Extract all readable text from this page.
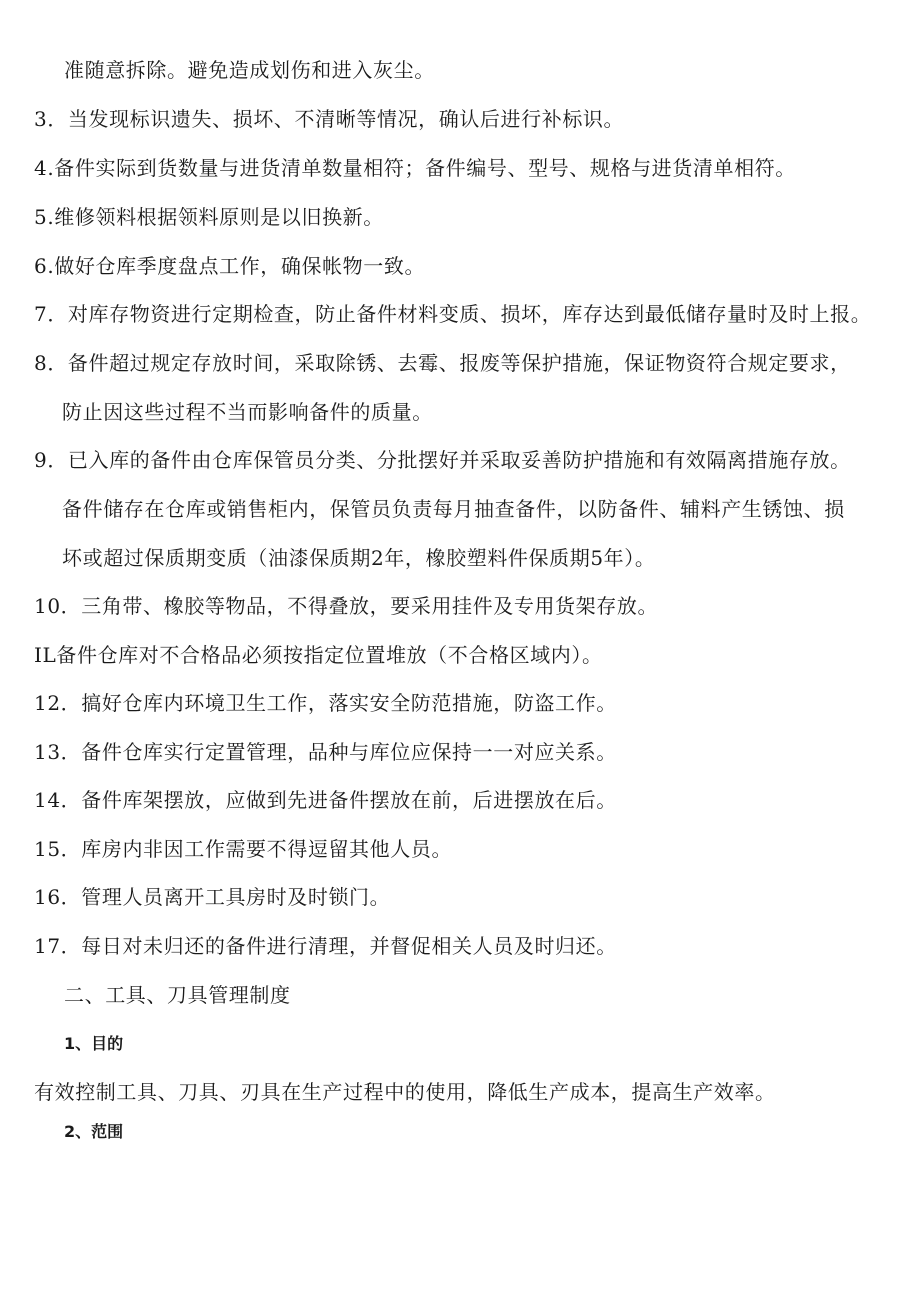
准随意拆除。避免造成划伤和进入灰尘。
3．当发现标识遗失、损坏、不清晰等情况，确认后进行补标识。
4.备件实际到货数量与进货清单数量相符；备件编号、型号、规格与进货清单相符。
5.维修领料根据领料原则是以旧换新。
6.做好仓库季度盘点工作，确保帐物一致。
7．对库存物资进行定期检查，防止备件材料变质、损坏，库存达到最低储存量时及时上报。
8．备件超过规定存放时间，采取除锈、去霉、报废等保护措施，保证物资符合规定要求，
防止因这些过程不当而影响备件的质量。
9．已入库的备件由仓库保管员分类、分批摆好并采取妥善防护措施和有效隔离措施存放。
备件储存在仓库或销售柜内，保管员负责每月抽查备件，以防备件、辅料产生锈蚀、损
坏或超过保质期变质（油漆保质期2年，橡胶塑料件保质期5年）。
10．三角带、橡胶等物品，不得叠放，要采用挂件及专用货架存放。
IL备件仓库对不合格品必须按指定位置堆放（不合格区域内）。
12．搞好仓库内环境卫生工作，落实安全防范措施，防盗工作。
13．备件仓库实行定置管理，品种与库位应保持一一对应关系。
14．备件库架摆放，应做到先进备件摆放在前，后进摆放在后。
15．库房内非因工作需要不得逗留其他人员。
16．管理人员离开工具房时及时锁门。
17．每日对未归还的备件进行清理，并督促相关人员及时归还。
二、工具、刀具管理制度
1、目的
有效控制工具、刀具、刃具在生产过程中的使用，降低生产成本，提高生产效率。
2、范围
